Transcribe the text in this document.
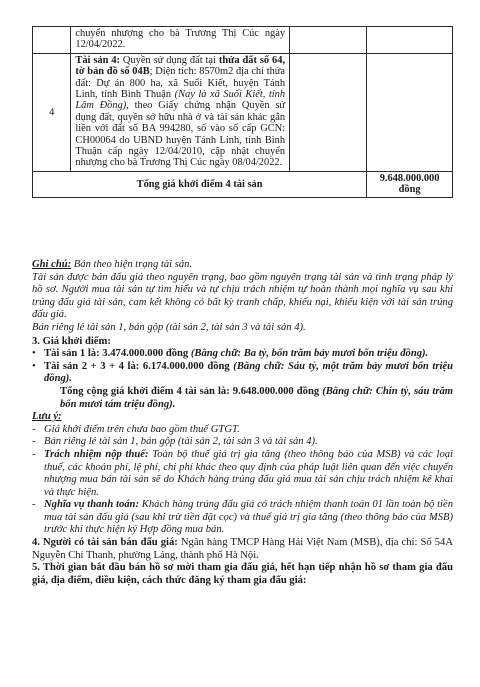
	chuyển nhượng cho bà Trương Thị Cúc ngày 12/04/2022.		
4	Tài sản 4: Quyền sử dụng đất tại thửa đất số 64, tờ bản đồ số 04B; Diện tích: 8570m2 địa chỉ thửa đất: Dự án 800 ha, xã Suối Kiết, huyện Tánh Linh, tỉnh Bình Thuận (Nay là xã Suối Kiết, tỉnh Lâm Đồng), theo Giấy chứng nhận Quyền sử dụng đất, quyền sở hữu nhà ở và tài sản khác gắn liền với đất số BA 994280, số vào sổ cấp GCN: CH00064 do UBND huyện Tánh Linh, tỉnh Bình Thuận cấp ngày 12/04/2010, cập nhật chuyển nhượng cho bà Trương Thị Cúc ngày 08/04/2022.		
Tổng giá khởi điểm 4 tài sản			9.648.000.000 đồng

Ghi chú: Bán theo hiện trạng tài sản.

Tài sản được bán đấu giá theo nguyên trạng, bao gồm nguyên trạng tài sản và tình trạng pháp lý hồ sơ. Người mua tài sản tự tìm hiểu và tự chịu trách nhiệm tự hoàn thành mọi nghĩa vụ sau khi trúng đấu giá tài sản, cam kết không có bất kỳ tranh chấp, khiếu nại, khiếu kiện với tài sản trúng đấu giá.

Bán riêng lẻ tài sản 1, bán gộp (tài sản 2, tài sản 3 và tài sản 4).

3. Giá khởi điểm:

• Tài sản 1 là: 3.474.000.000 đồng (Bằng chữ: Ba tỷ, bốn trăm bảy mươi bốn triệu đồng).
• Tài sản 2 + 3 + 4 là: 6.174.000.000 đồng (Bằng chữ: Sáu tỷ, một trăm bảy mươi bốn triệu đồng).

Tổng cộng giá khởi điểm 4 tài sản là: 9.648.000.000 đồng (Bằng chữ: Chín tỷ, sáu trăm bốn mươi tám triệu đồng).

Lưu ý:

- Giá khởi điểm trên chưa bao gồm thuế GTGT.
- Bán riêng lẻ tài sản 1, bán gộp (tài sản 2, tài sản 3 và tài sản 4).
- Trách nhiệm nộp thuế: Toàn bộ thuế giá trị gia tăng (theo thông báo của MSB) và các loại thuế, các khoản phí, lệ phí, chi phí khác theo quy định của pháp luật liên quan đến việc chuyển nhượng mua bán tài sản sẽ do Khách hàng trúng đấu giá mua tài sản chịu trách nhiệm kê khai và thực hiện.
- Nghĩa vụ thanh toán: Khách hàng trúng đấu giá có trách nhiệm thanh toán 01 lần toàn bộ tiền mua tài sản đấu giá (sau khi trừ tiền đặt cọc) và thuế giá trị gia tăng (theo thông báo của MSB) trước khi thực hiện ký Hợp đồng mua bán.

4. Người có tài sản bán đấu giá: Ngân hàng TMCP Hàng Hải Việt Nam (MSB), địa chỉ: Số 54A Nguyễn Chí Thanh, phường Láng, thành phố Hà Nội.

5. Thời gian bắt đầu bán hồ sơ mời tham gia đấu giá, hết hạn tiếp nhận hồ sơ tham gia đấu giá, địa điểm, điều kiện, cách thức đăng ký tham gia đấu giá:
